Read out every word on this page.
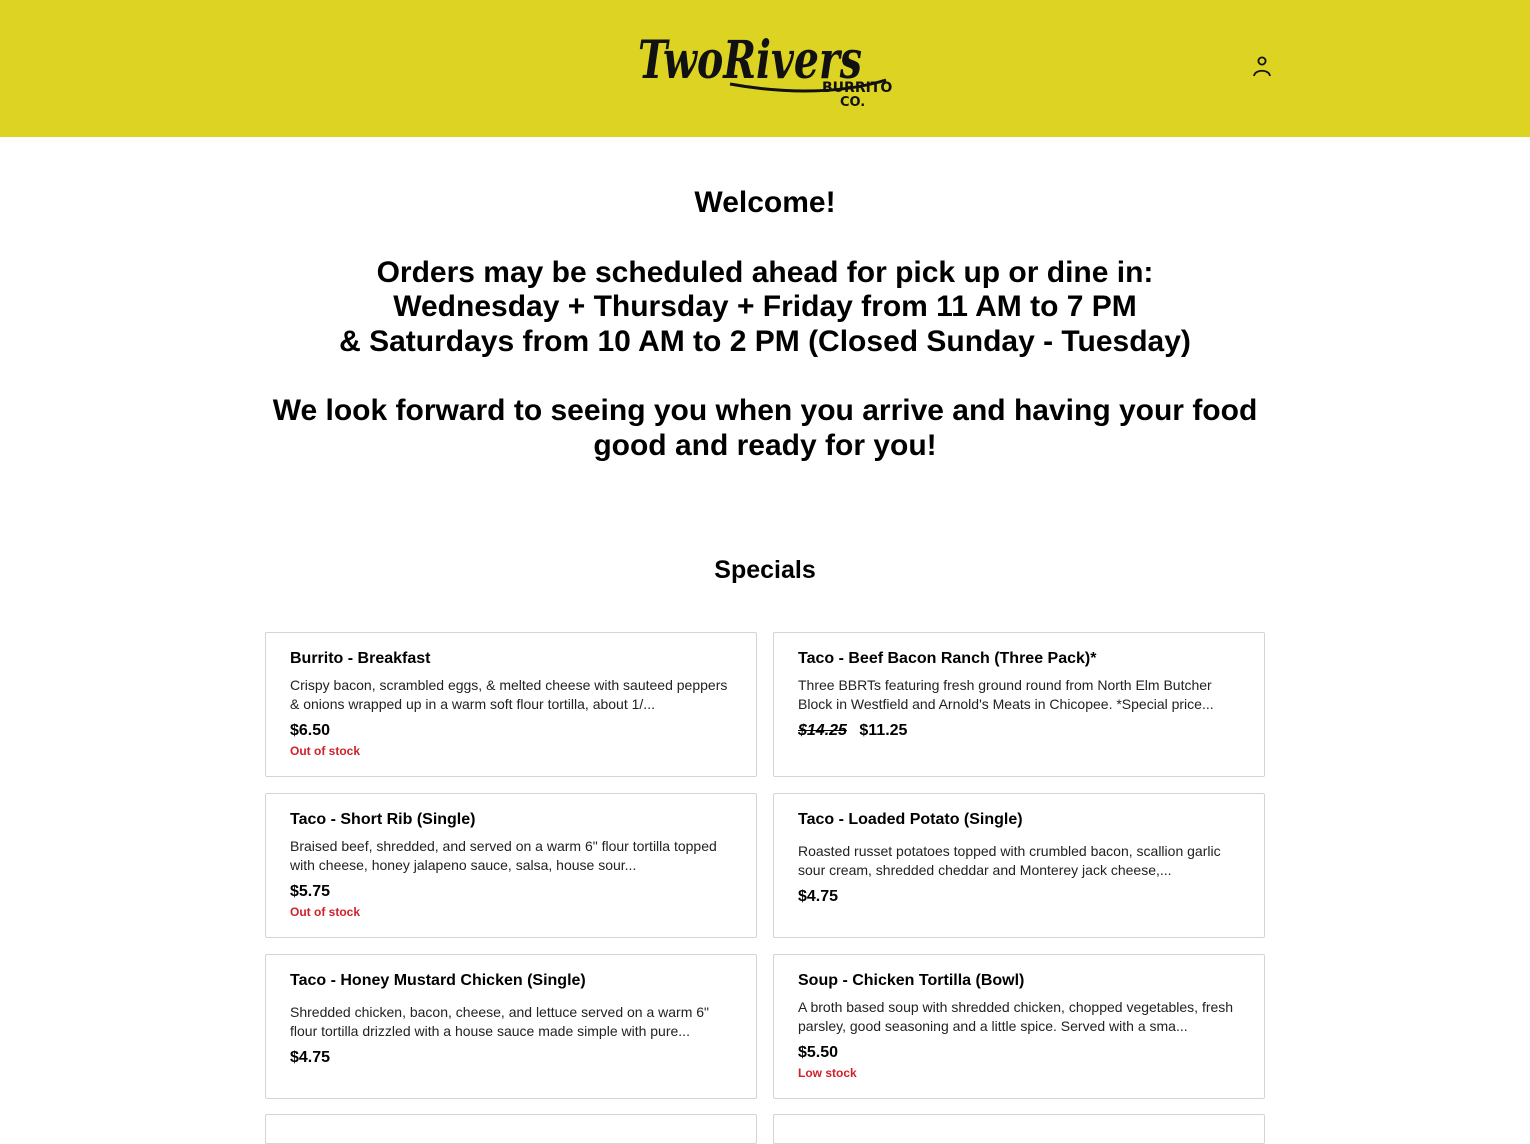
TwoRivers
BURRITO
CO.

Welcome!

Orders may be scheduled ahead for pick up or dine in:
Wednesday + Thursday + Friday from 11 AM to 7 PM
& Saturdays from 10 AM to 2 PM (Closed Sunday - Tuesday)

We look forward to seeing you when you arrive and having your food good and ready for you!

Specials
Burrito - Breakfast
Crispy bacon, scrambled eggs, & melted cheese with sauteed peppers & onions wrapped up in a warm soft flour tortilla, about 1/...
$6.50
Out of stock
Taco - Beef Bacon Ranch (Three Pack)*
Three BBRTs featuring fresh ground round from North Elm Butcher Block in Westfield and Arnold's Meats in Chicopee. *Special price...
$14.25 $11.25
Taco - Short Rib (Single)
Braised beef, shredded, and served on a warm 6" flour tortilla topped with cheese, honey jalapeno sauce, salsa, house sour...
$5.75
Out of stock
Taco - Loaded Potato (Single)
Roasted russet potatoes topped with crumbled bacon, scallion garlic sour cream, shredded cheddar and Monterey jack cheese,...
$4.75
Taco - Honey Mustard Chicken (Single)
Shredded chicken, bacon, cheese, and lettuce served on a warm 6" flour tortilla drizzled with a house sauce made simple with pure...
$4.75
Soup - Chicken Tortilla (Bowl)
A broth based soup with shredded chicken, chopped vegetables, fresh parsley, good seasoning and a little spice. Served with a sma...
$5.50
Low stock
